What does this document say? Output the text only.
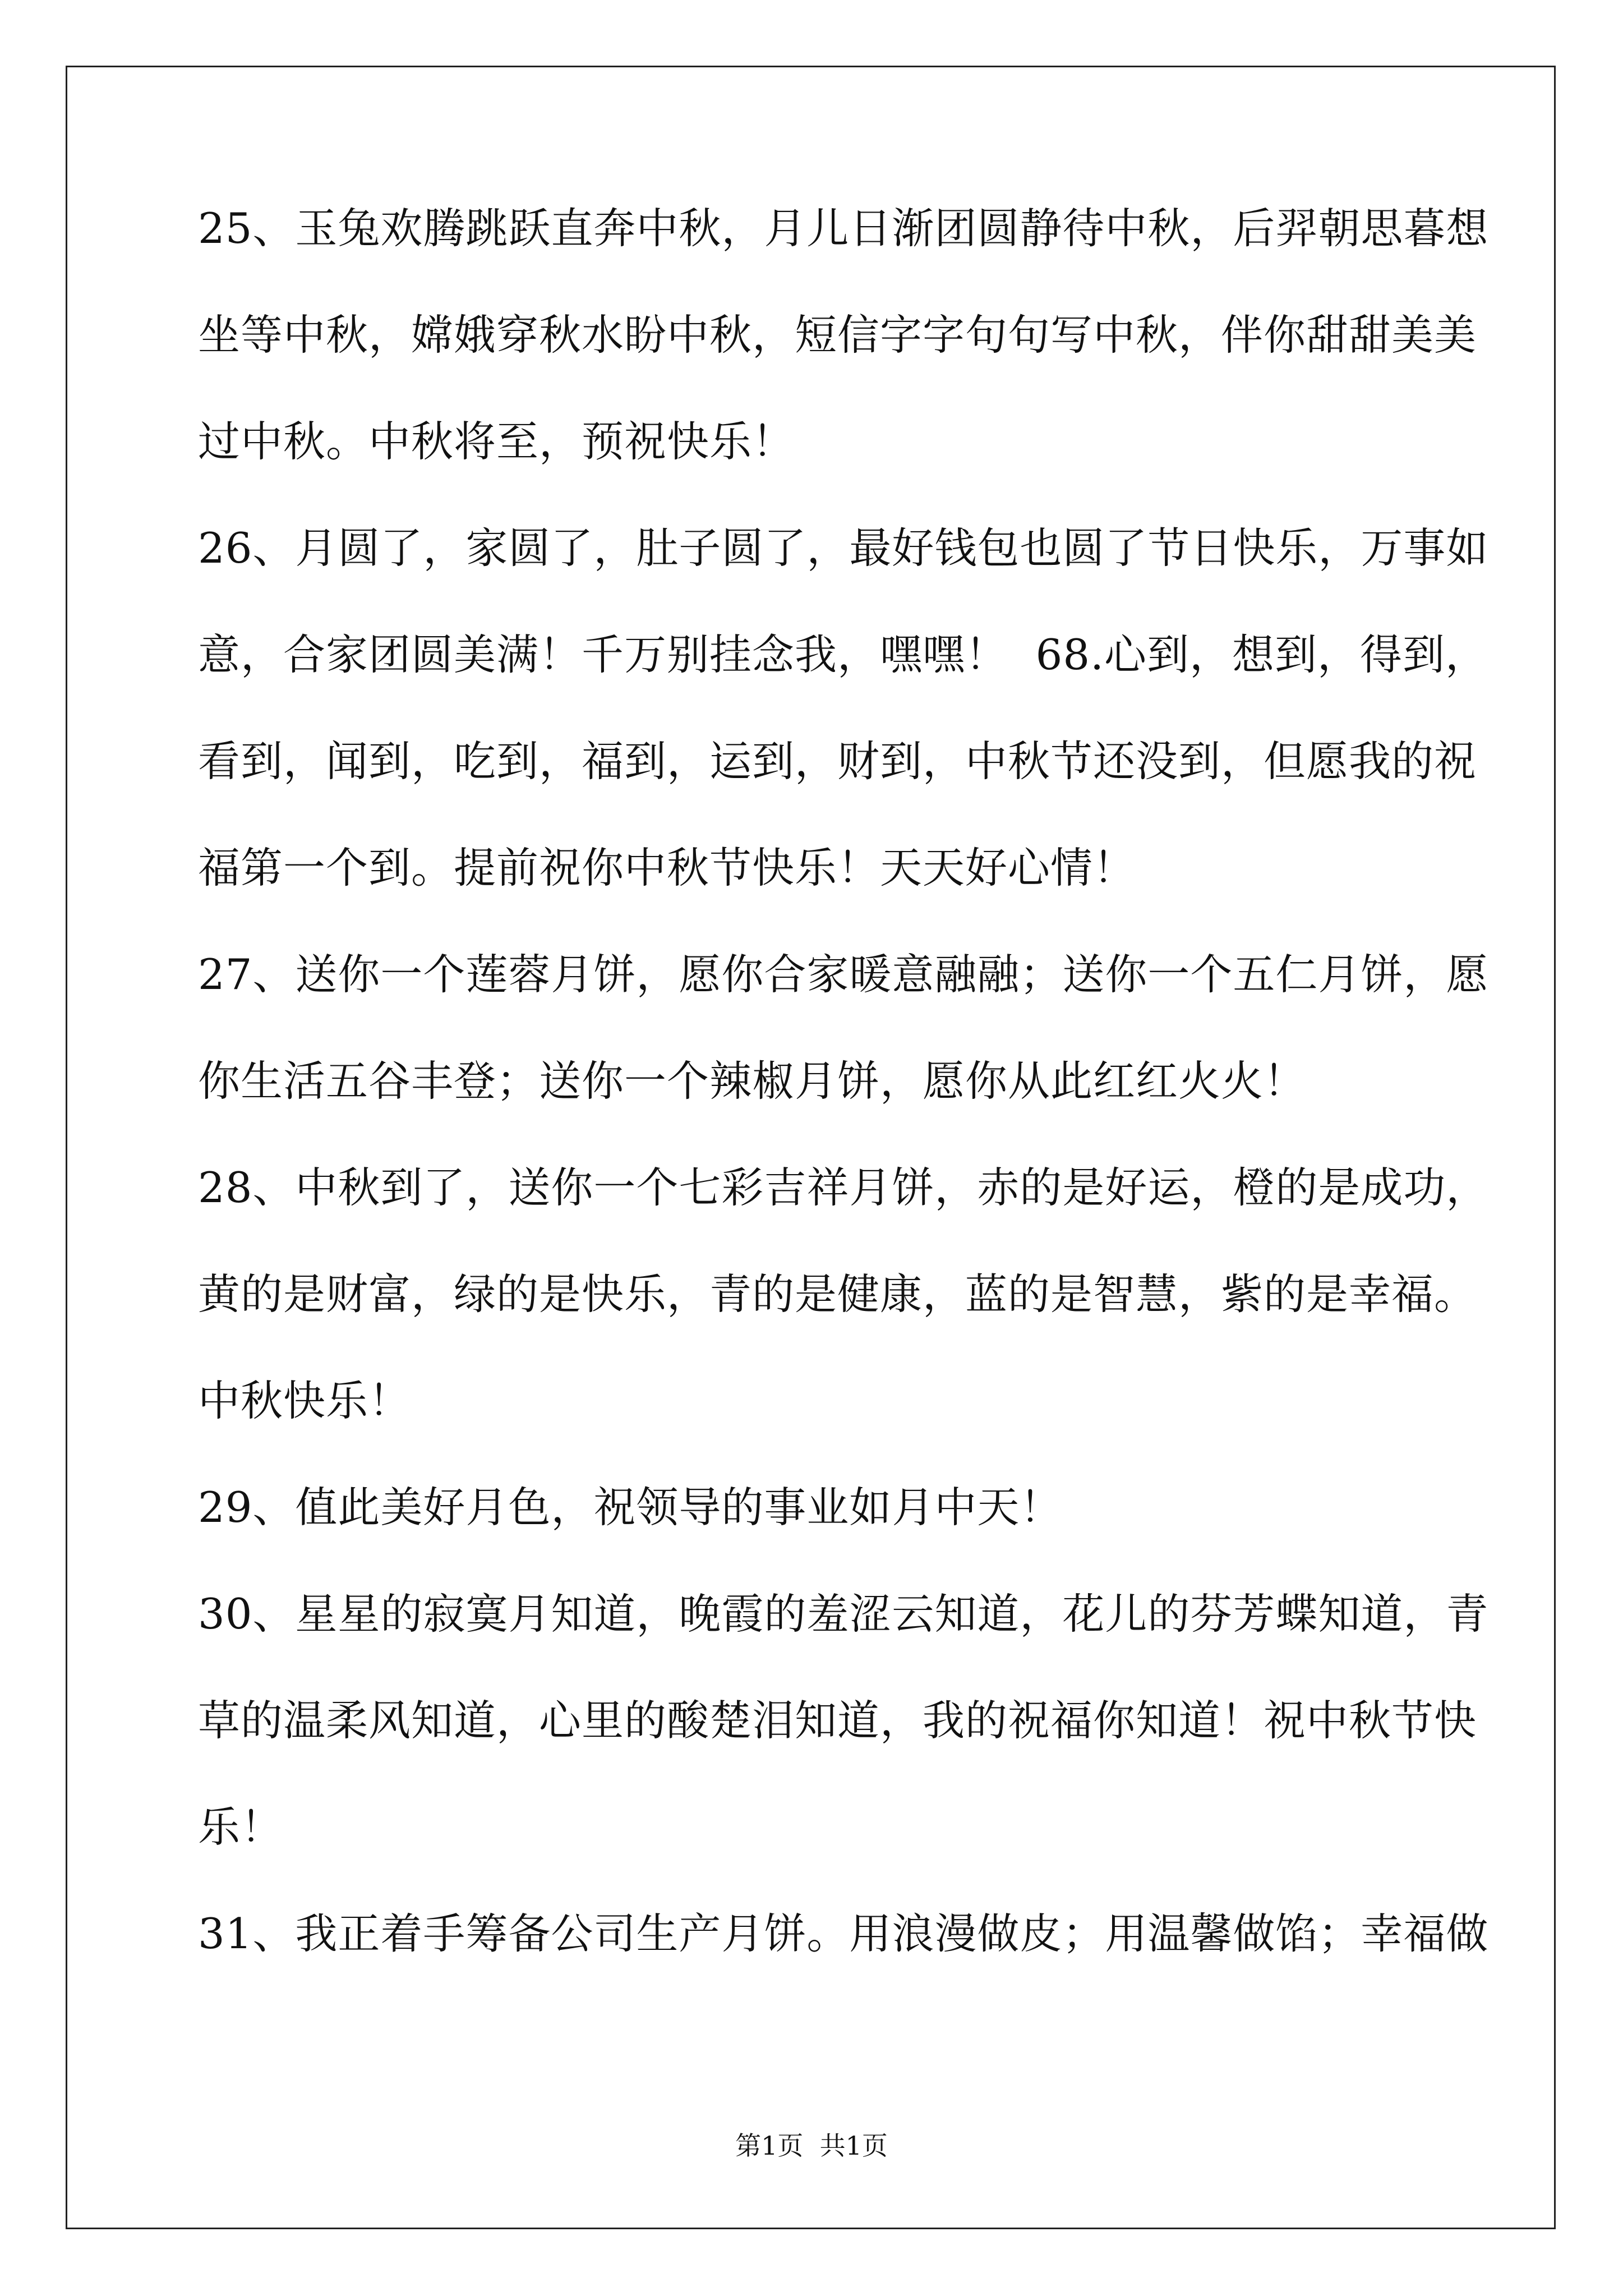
25、玉兔欢腾跳跃直奔中秋，月儿日渐团圆静待中秋，后羿朝思暮想
坐等中秋，嫦娥穿秋水盼中秋，短信字字句句写中秋，伴你甜甜美美
过中秋。中秋将至，预祝快乐！
26、月圆了，家圆了，肚子圆了，最好钱包也圆了节日快乐，万事如
意，合家团圆美满！千万别挂念我，嘿嘿！  68.心到，想到，得到，
看到，闻到，吃到，福到，运到，财到，中秋节还没到，但愿我的祝
福第一个到。提前祝你中秋节快乐！天天好心情！
27、送你一个莲蓉月饼，愿你合家暖意融融；送你一个五仁月饼，愿
你生活五谷丰登；送你一个辣椒月饼，愿你从此红红火火！
28、中秋到了，送你一个七彩吉祥月饼，赤的是好运，橙的是成功，
黄的是财富，绿的是快乐，青的是健康，蓝的是智慧，紫的是幸福。
中秋快乐！
29、值此美好月色，祝领导的事业如月中天！
30、星星的寂寞月知道，晚霞的羞涩云知道，花儿的芬芳蝶知道，青
草的温柔风知道，心里的酸楚泪知道，我的祝福你知道！祝中秋节快
乐！
31、我正着手筹备公司生产月饼。用浪漫做皮；用温馨做馅；幸福做
第1页  共1页
